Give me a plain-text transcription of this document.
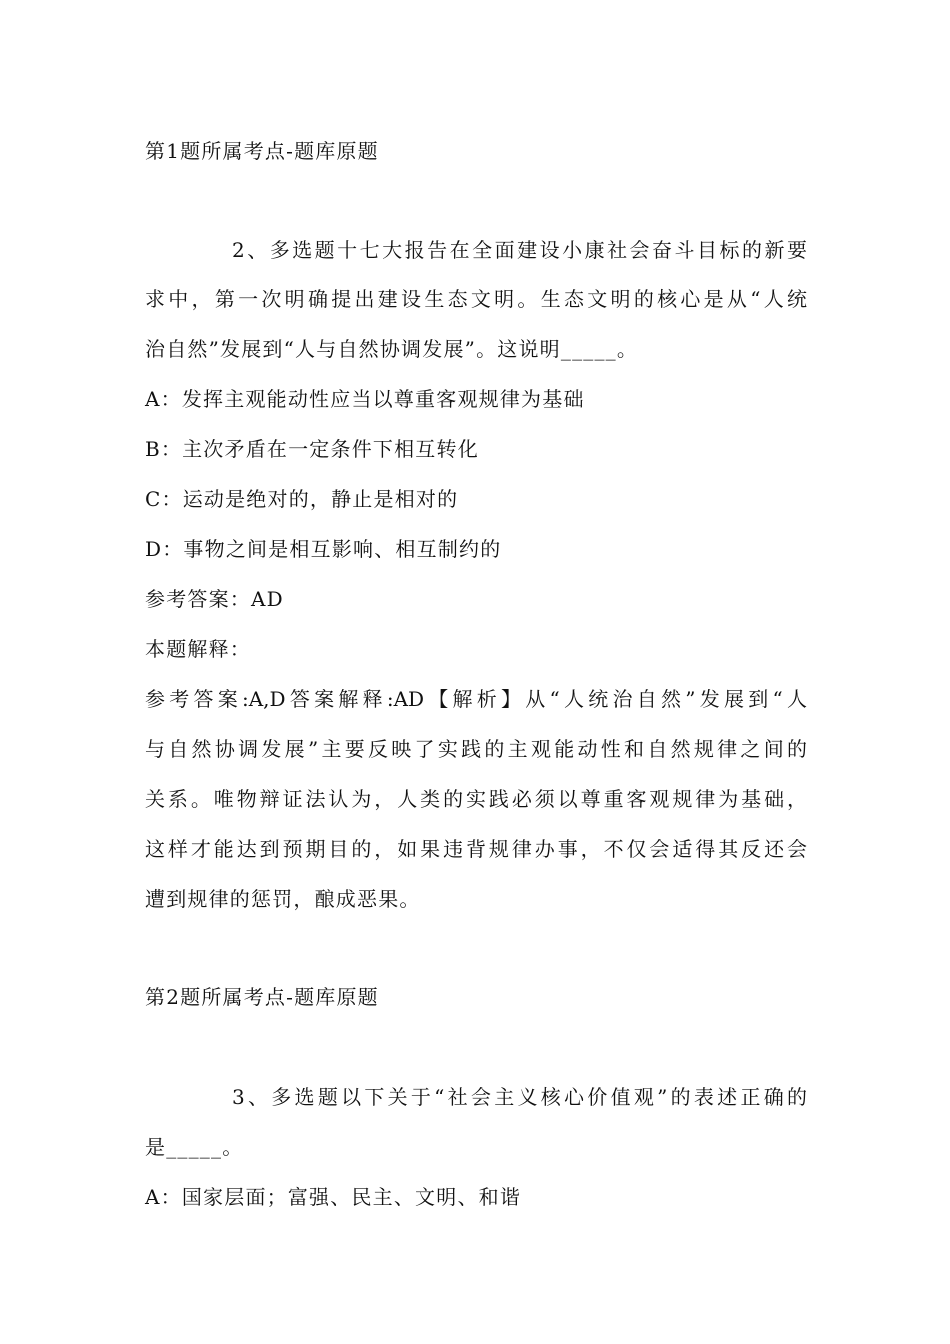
第1题所属考点-题库原题
2、多选题十七大报告在全面建设小康社会奋斗目标的新要
求中，第一次明确提出建设生态文明。生态文明的核心是从“人统
治自然”发展到“人与自然协调发展”。这说明_____。
A：发挥主观能动性应当以尊重客观规律为基础
B：主次矛盾在一定条件下相互转化
C：运动是绝对的，静止是相对的
D：事物之间是相互影响、相互制约的
参考答案：AD
本题解释：
参考答案:A,D答案解释:AD【解析】从“人统治自然”发展到“人
与自然协调发展”主要反映了实践的主观能动性和自然规律之间的
关系。唯物辩证法认为，人类的实践必须以尊重客观规律为基础，
这样才能达到预期目的，如果违背规律办事，不仅会适得其反还会
遭到规律的惩罚，酿成恶果。
第2题所属考点-题库原题
3、多选题以下关于“社会主义核心价值观”的表述正确的
是_____。
A：国家层面；富强、民主、文明、和谐
